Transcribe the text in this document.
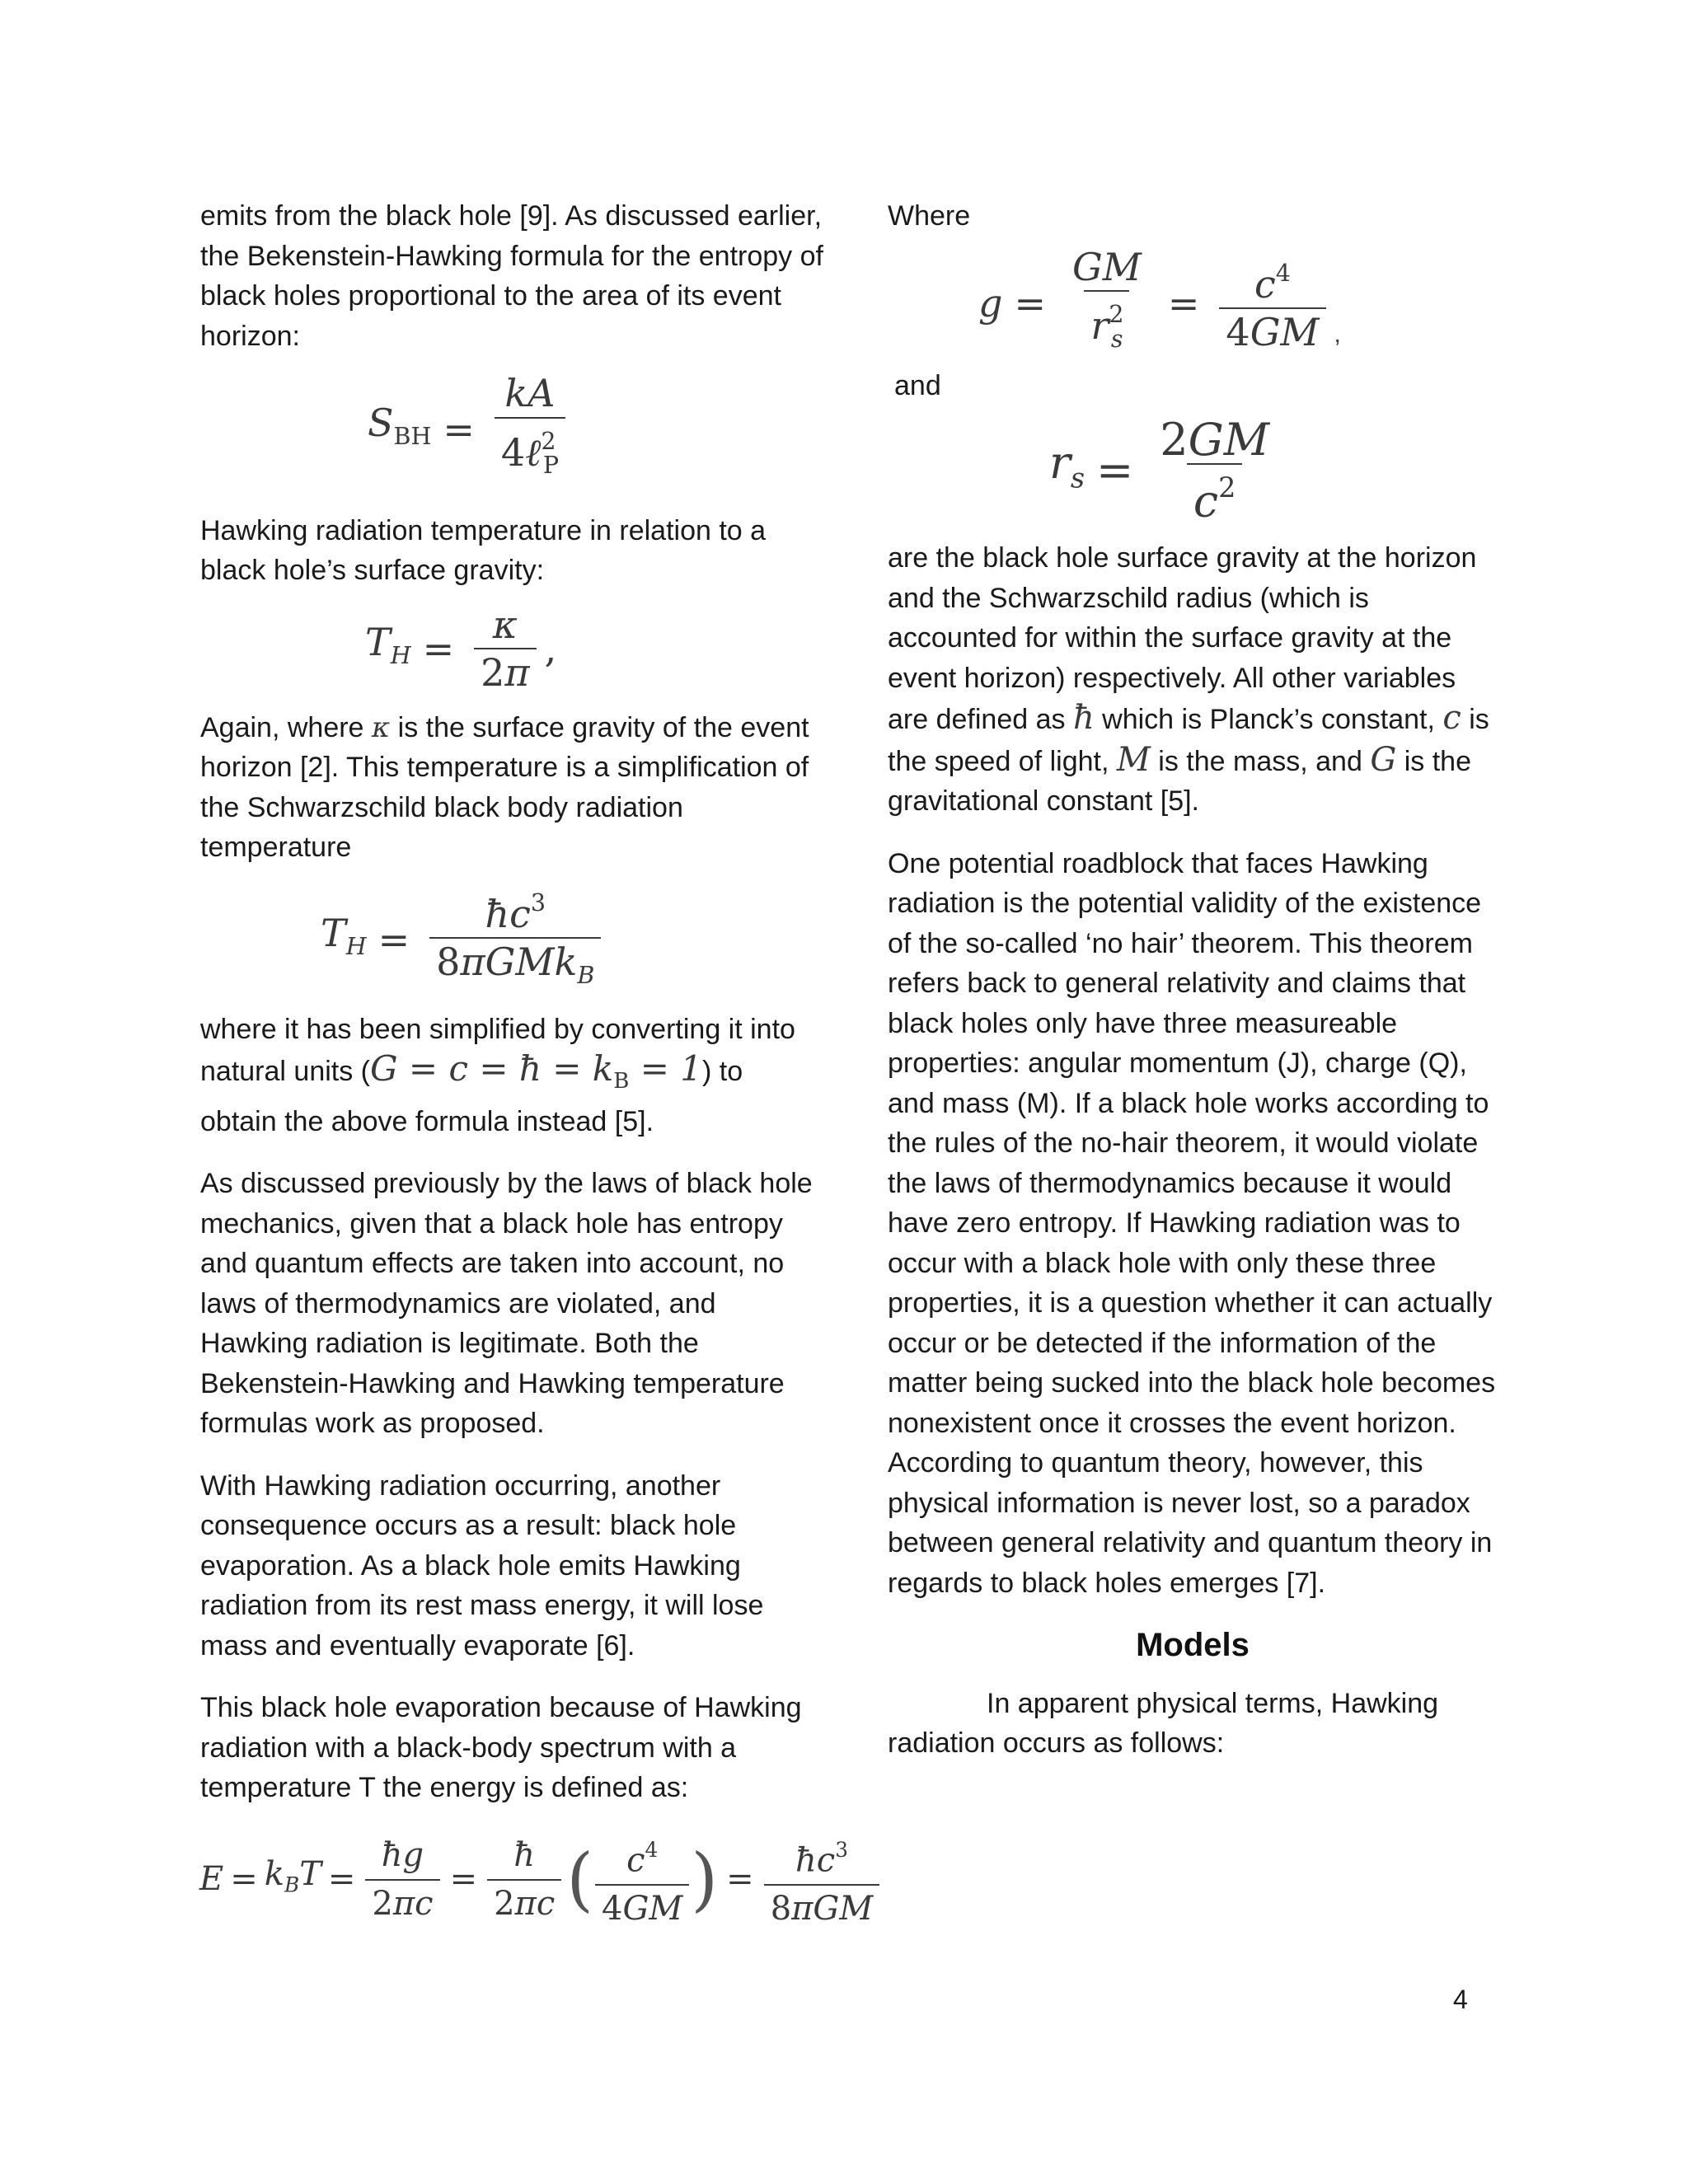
emits from the black hole [9]. As discussed earlier, the Bekenstein-Hawking formula for the entropy of black holes proportional to the area of its event horizon:

$S_{BH} = \frac{kA}{4\ell^2_P}$

Hawking radiation temperature in relation to a black hole’s surface gravity:

$T_H = \frac{\kappa}{2\pi}$ ,

Again, where κ is the surface gravity of the event horizon [2]. This temperature is a simplification of the Schwarzschild black body radiation temperature

$T_H = \frac{ħc^3}{8\pi GMk_B}$

where it has been simplified by converting it into natural units (G = c = ħ = $k_B = 1$) to obtain the above formula instead [5].

As discussed previously by the laws of black hole mechanics, given that a black hole has entropy and quantum effects are taken into account, no laws of thermodynamics are violated, and Hawking radiation is legitimate. Both the Bekenstein-Hawking and Hawking temperature formulas work as proposed.

With Hawking radiation occurring, another consequence occurs as a result: black hole evaporation. As a black hole emits Hawking radiation from its rest mass energy, it will lose mass and eventually evaporate [6].

This black hole evaporation because of Hawking radiation with a black-body spectrum with a temperature T the energy is defined as:

$E = k_BT = \frac{ħg}{2\pi c} = \frac{ħ}{2\pi c}$ ( $\frac{c^4}{4GM}$ ) = $\frac{ħc^3}{\text{8πGM}}$

Where

$g = \frac{GM}{r^2_s} = \frac{c^4}{4GM}$ ,

and

$r_s = \frac{2GM}{c^2}$

are the black hole surface gravity at the horizon and the Schwarzschild radius (which is accounted for within the surface gravity at the event horizon) respectively. All other variables are defined as ħ which is Planck’s constant, c is the speed of light, M is the mass, and G is the gravitational constant [5].

One potential roadblock that faces Hawking radiation is the potential validity of the existence of the so-called ‘no hair’ theorem. This theorem refers back to general relativity and claims that black holes only have three measureable properties: angular momentum (J), charge (Q), and mass (M). If a black hole works according to the rules of the no-hair theorem, it would violate the laws of thermodynamics because it would have zero entropy. If Hawking radiation was to occur with a black hole with only these three properties, it is a question whether it can actually occur or be detected if the information of the matter being sucked into the black hole becomes nonexistent once it crosses the event horizon. According to quantum theory, however, this physical information is never lost, so a paradox between general relativity and quantum theory in regards to black holes emerges [7].

Models

In apparent physical terms, Hawking radiation occurs as follows:

4
